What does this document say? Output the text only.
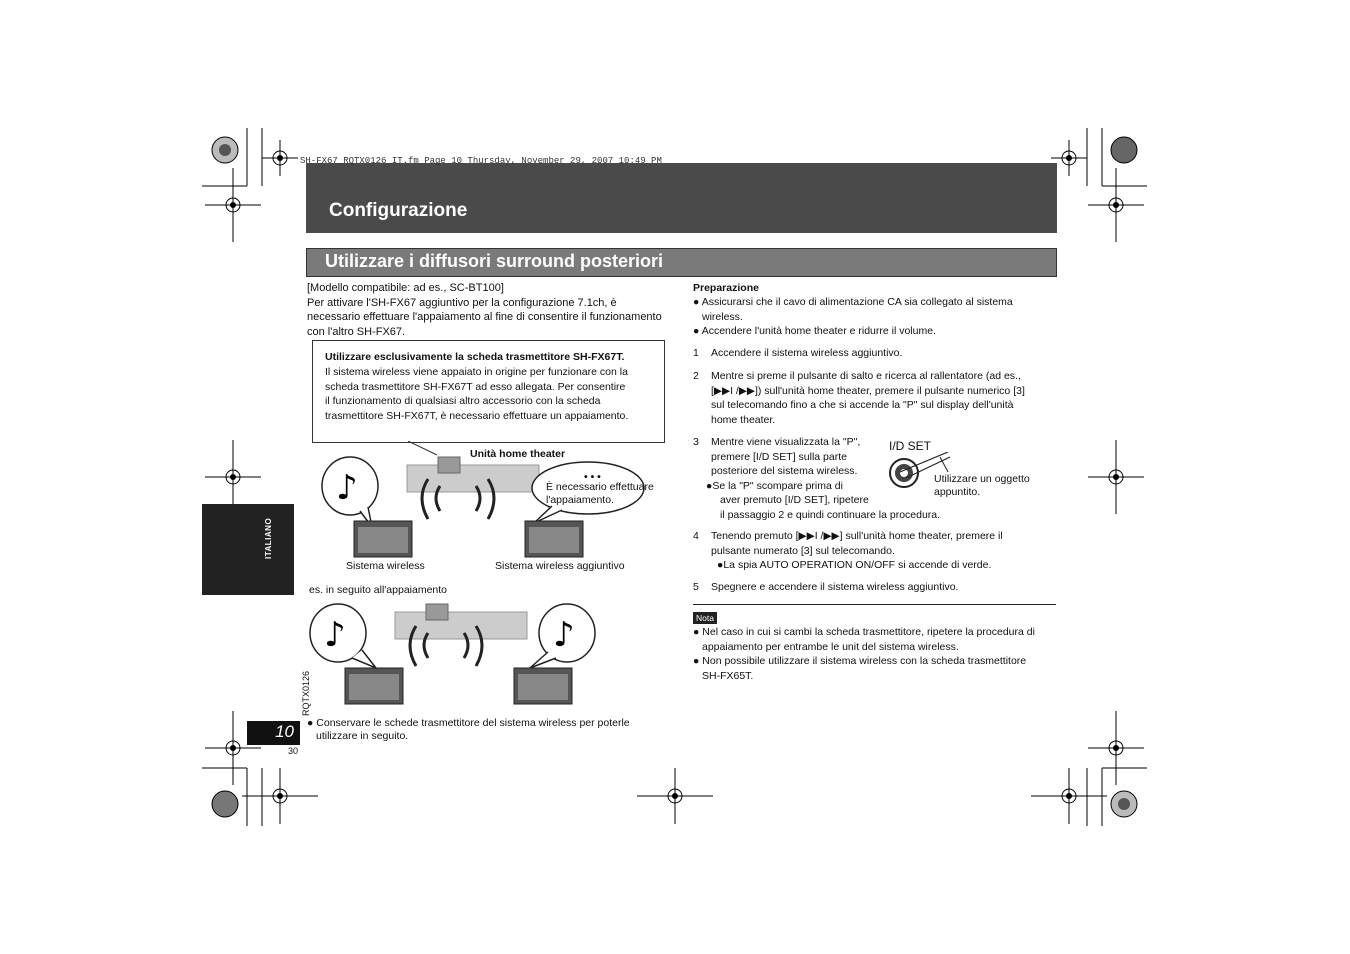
SH-FX67_RQTX0126_IT.fm Page 10 Thursday, November 29, 2007 10:49 PM
Configurazione
Utilizzare i diffusori surround posteriori
ITALIANO
RQTX0126
10
30
[Modello compatibile: ad es., SC-BT100]
Per attivare l'SH-FX67 aggiuntivo per la configurazione 7.1ch, è
necessario effettuare l'appaiamento al fine di consentire il funzionamento
con l'altro SH-FX67.

Utilizzare esclusivamente la scheda trasmettitore SH-FX67T.
Il sistema wireless viene appaiato in origine per funzionare con la
scheda trasmettitore SH-FX67T ad esso allegata. Per consentire
il funzionamento di qualsiasi altro accessorio con la scheda
trasmettitore SH-FX67T, è necessario effettuare un appaiamento.

♪
Unità home theater
• • •
È necessario effettuare
l'appaiamento.
Sistema wireless	Sistema wireless aggiuntivo
es. in seguito all'appaiamento
♪	♪
● Conservare le schede trasmettitore del sistema wireless per poterle
utilizzare in seguito.
Preparazione
● Assicurarsi che il cavo di alimentazione CA sia collegato al sistema
wireless.
● Accendere l'unità home theater e ridurre il volume.
1	Accendere il sistema wireless aggiuntivo.
2	Mentre si preme il pulsante di salto e ricerca al rallentatore (ad es.,
[▶▶I /▶▶]) sull'unità home theater, premere il pulsante numerico [3]
sul telecomando fino a che si accende la "P" sul display dell'unità
home theater.
3	Mentre viene visualizzata la "P",
premere [I/D SET] sulla parte
posteriore del sistema wireless.
●Se la "P" scompare prima di
aver premuto [I/D SET], ripetere
il passaggio 2 e quindi continuare la procedura.
4	Tenendo premuto [▶▶I /▶▶] sull'unità home theater, premere il
pulsante numerato [3] sul telecomando.
●La spia AUTO OPERATION ON/OFF si accende di verde.
5	Spegnere e accendere il sistema wireless aggiuntivo.
I/D SET
Utilizzare un oggetto
appuntito.
Nota
● Nel caso in cui si cambi la scheda trasmettitore, ripetere la procedura di
appaiamento per entrambe le unit del sistema wireless.
● Non possibile utilizzare il sistema wireless con la scheda trasmettitore
SH-FX65T.
